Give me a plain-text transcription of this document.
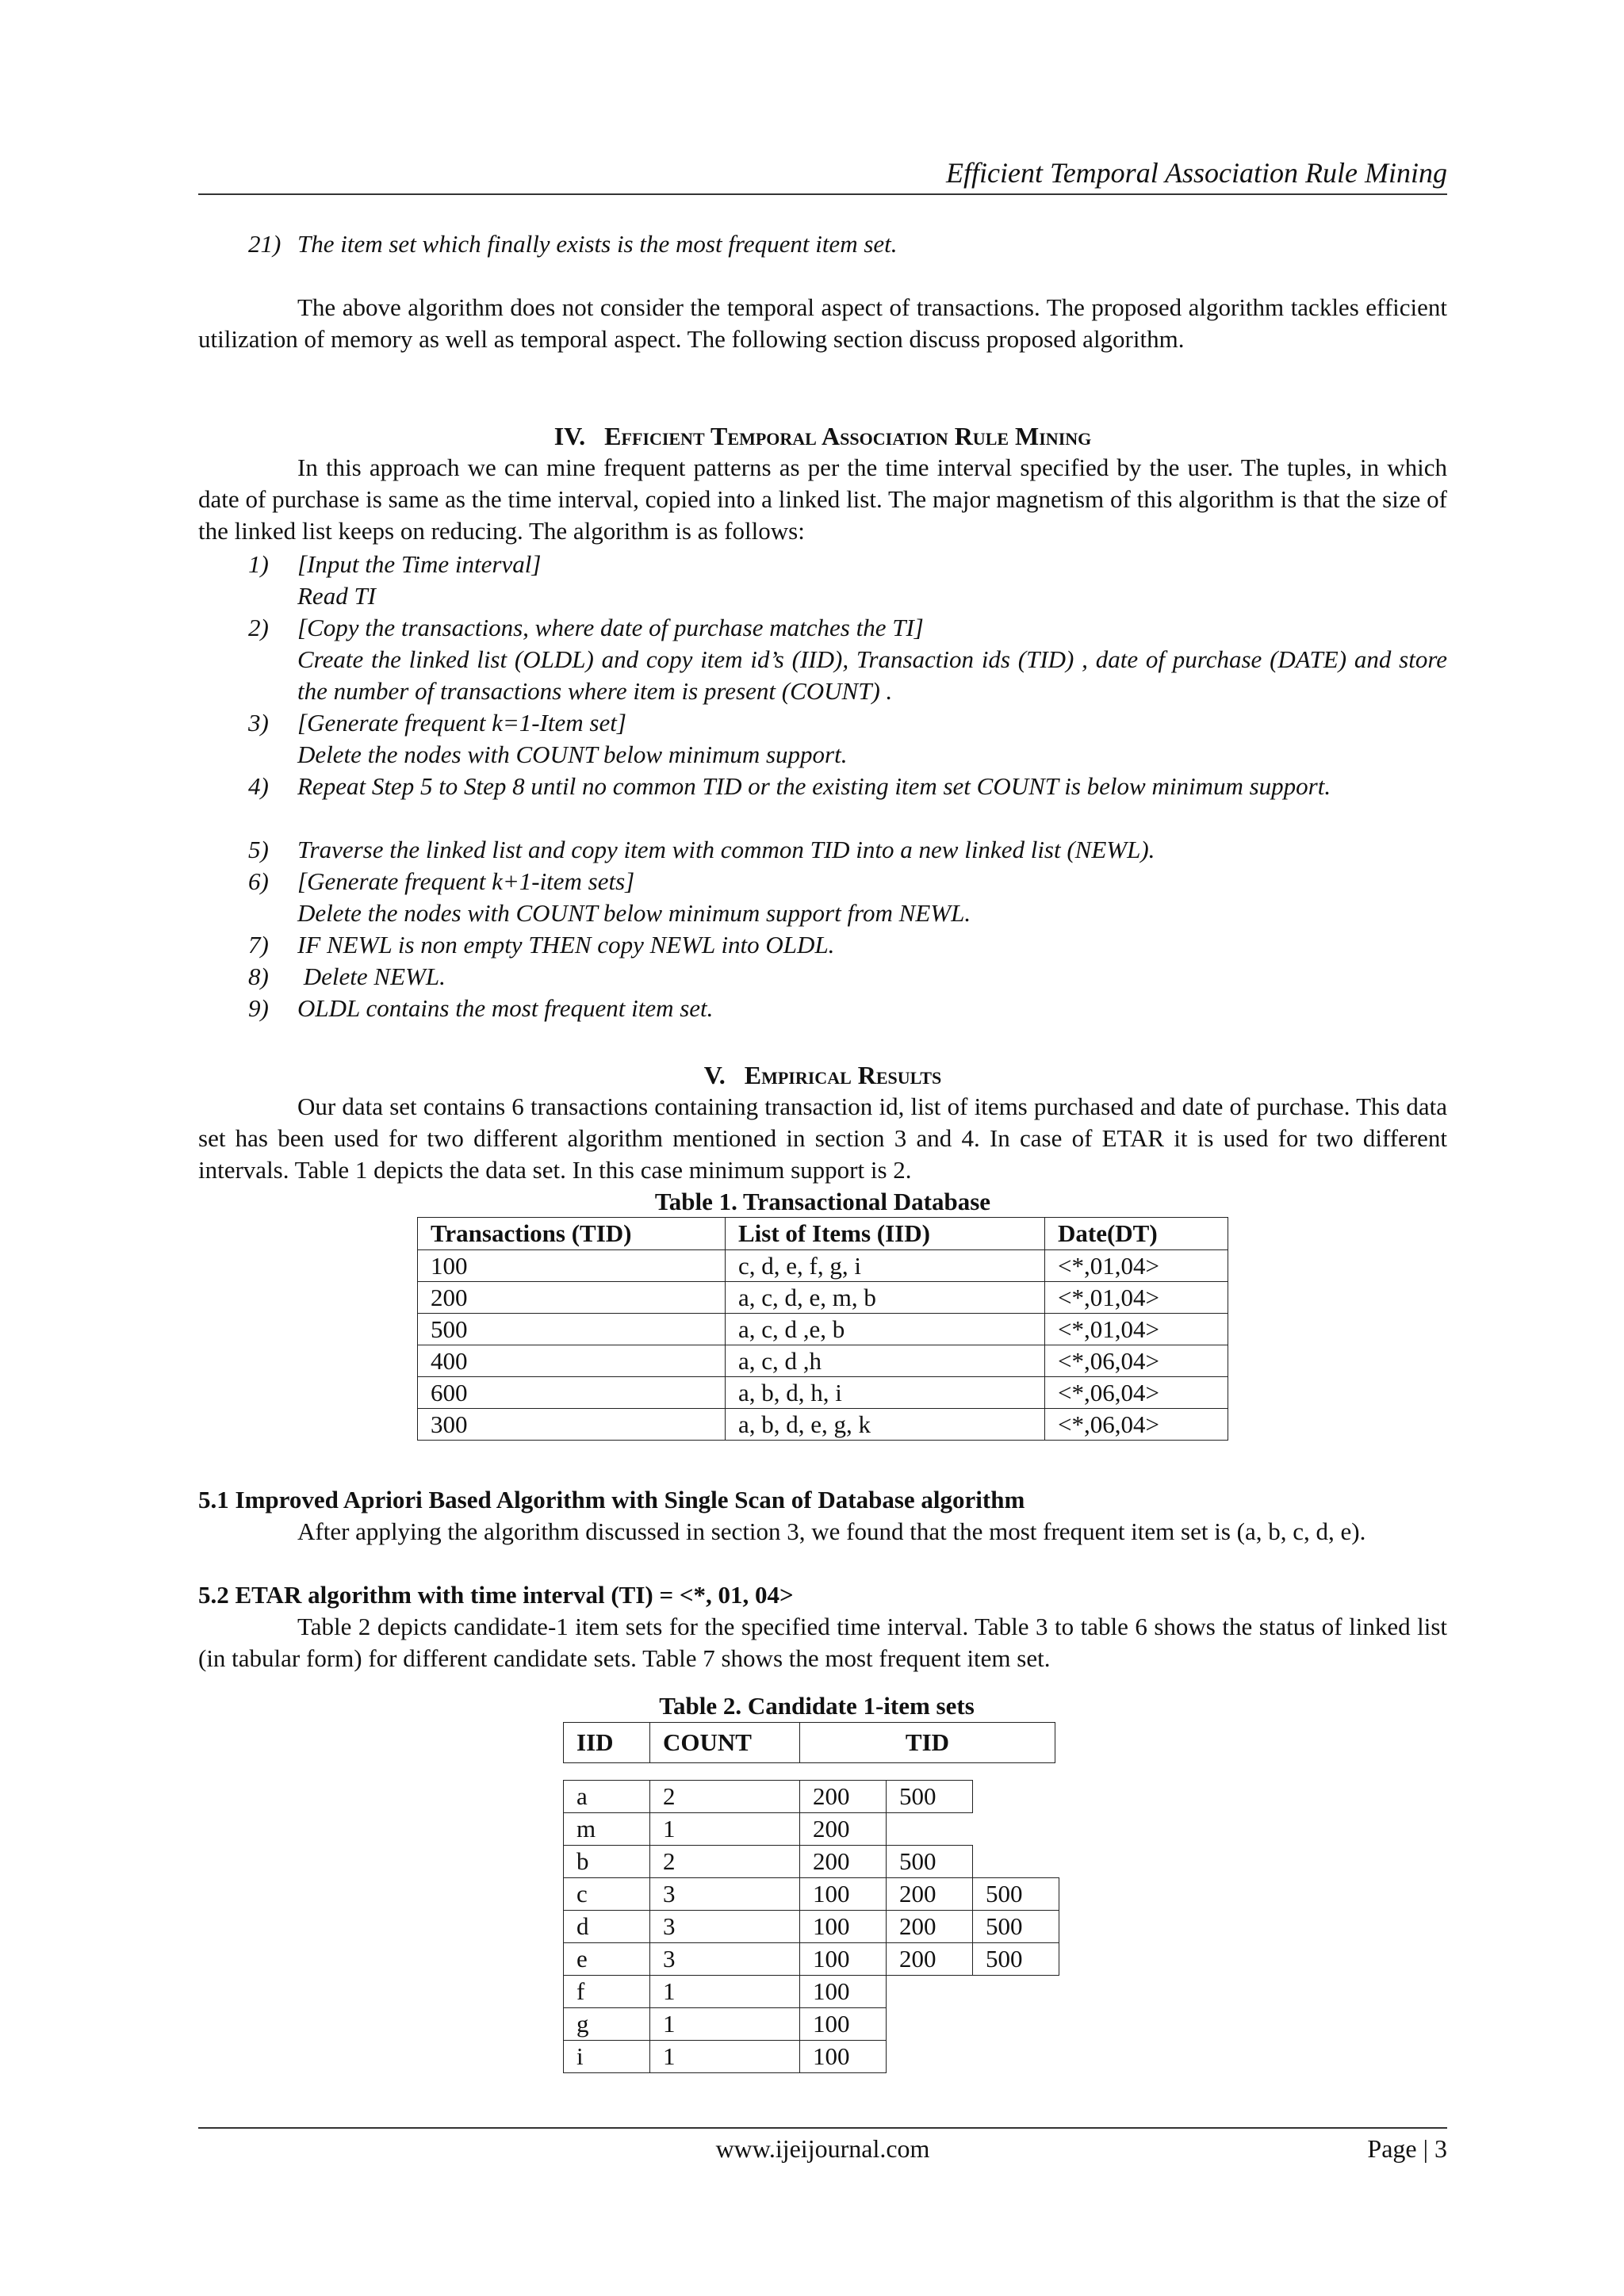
Efficient Temporal Association Rule Mining
21) The item set which finally exists is the most frequent item set.
The above algorithm does not consider the temporal aspect of transactions. The proposed algorithm tackles efficient utilization of memory as well as temporal aspect. The following section discuss proposed algorithm.
IV. Efficient Temporal Association Rule Mining
In this approach we can mine frequent patterns as per the time interval specified by the user. The tuples, in which date of purchase is same as the time interval, copied into a linked list. The major magnetism of this algorithm is that the size of the linked list keeps on reducing. The algorithm is as follows:
1) [Input the Time interval]
Read TI
2) [Copy the transactions, where date of purchase matches the TI]
Create the linked list (OLDL) and copy item id’s (IID), Transaction ids (TID) , date of purchase (DATE) and store the number of transactions where item is present (COUNT) .
3) [Generate frequent k=1-Item set]
Delete the nodes with COUNT below minimum support.
4) Repeat Step 5 to Step 8 until no common TID or the existing item set COUNT is below minimum support.
5) Traverse the linked list and copy item with common TID into a new linked list (NEWL).
6) [Generate frequent k+1-item sets]
Delete the nodes with COUNT below minimum support from NEWL.
7) IF NEWL is non empty THEN copy NEWL into OLDL.
8) Delete NEWL.
9) OLDL contains the most frequent item set.
V. Empirical Results
Our data set contains 6 transactions containing transaction id, list of items purchased and date of purchase. This data set has been used for two different algorithm mentioned in section 3 and 4. In case of ETAR it is used for two different intervals. Table 1 depicts the data set. In this case minimum support is 2.
Table 1. Transactional Database
Transactions (TID)	List of Items (IID)	Date(DT)
100	c, d, e, f, g, i	<*,01,04>
200	a, c, d, e, m, b	<*,01,04>
500	a, c, d ,e, b	<*,01,04>
400	a, c, d ,h	<*,06,04>
600	a, b, d, h, i	<*,06,04>
300	a, b, d, e, g, k	<*,06,04>
5.1 Improved Apriori Based Algorithm with Single Scan of Database algorithm
After applying the algorithm discussed in section 3, we found that the most frequent item set is (a, b, c, d, e).
5.2 ETAR algorithm with time interval (TI) = <*, 01, 04>
Table 2 depicts candidate-1 item sets for the specified time interval. Table 3 to table 6 shows the status of linked list (in tabular form) for different candidate sets. Table 7 shows the most frequent item set.
Table 2. Candidate 1-item sets
IID	COUNT	TID
a	2	200	500	
m	1	200		
b	2	200	500	
c	3	100	200	500
d	3	100	200	500
e	3	100	200	500
f	1	100		
g	1	100		
i	1	100		
www.ijeijournal.com	Page | 3
